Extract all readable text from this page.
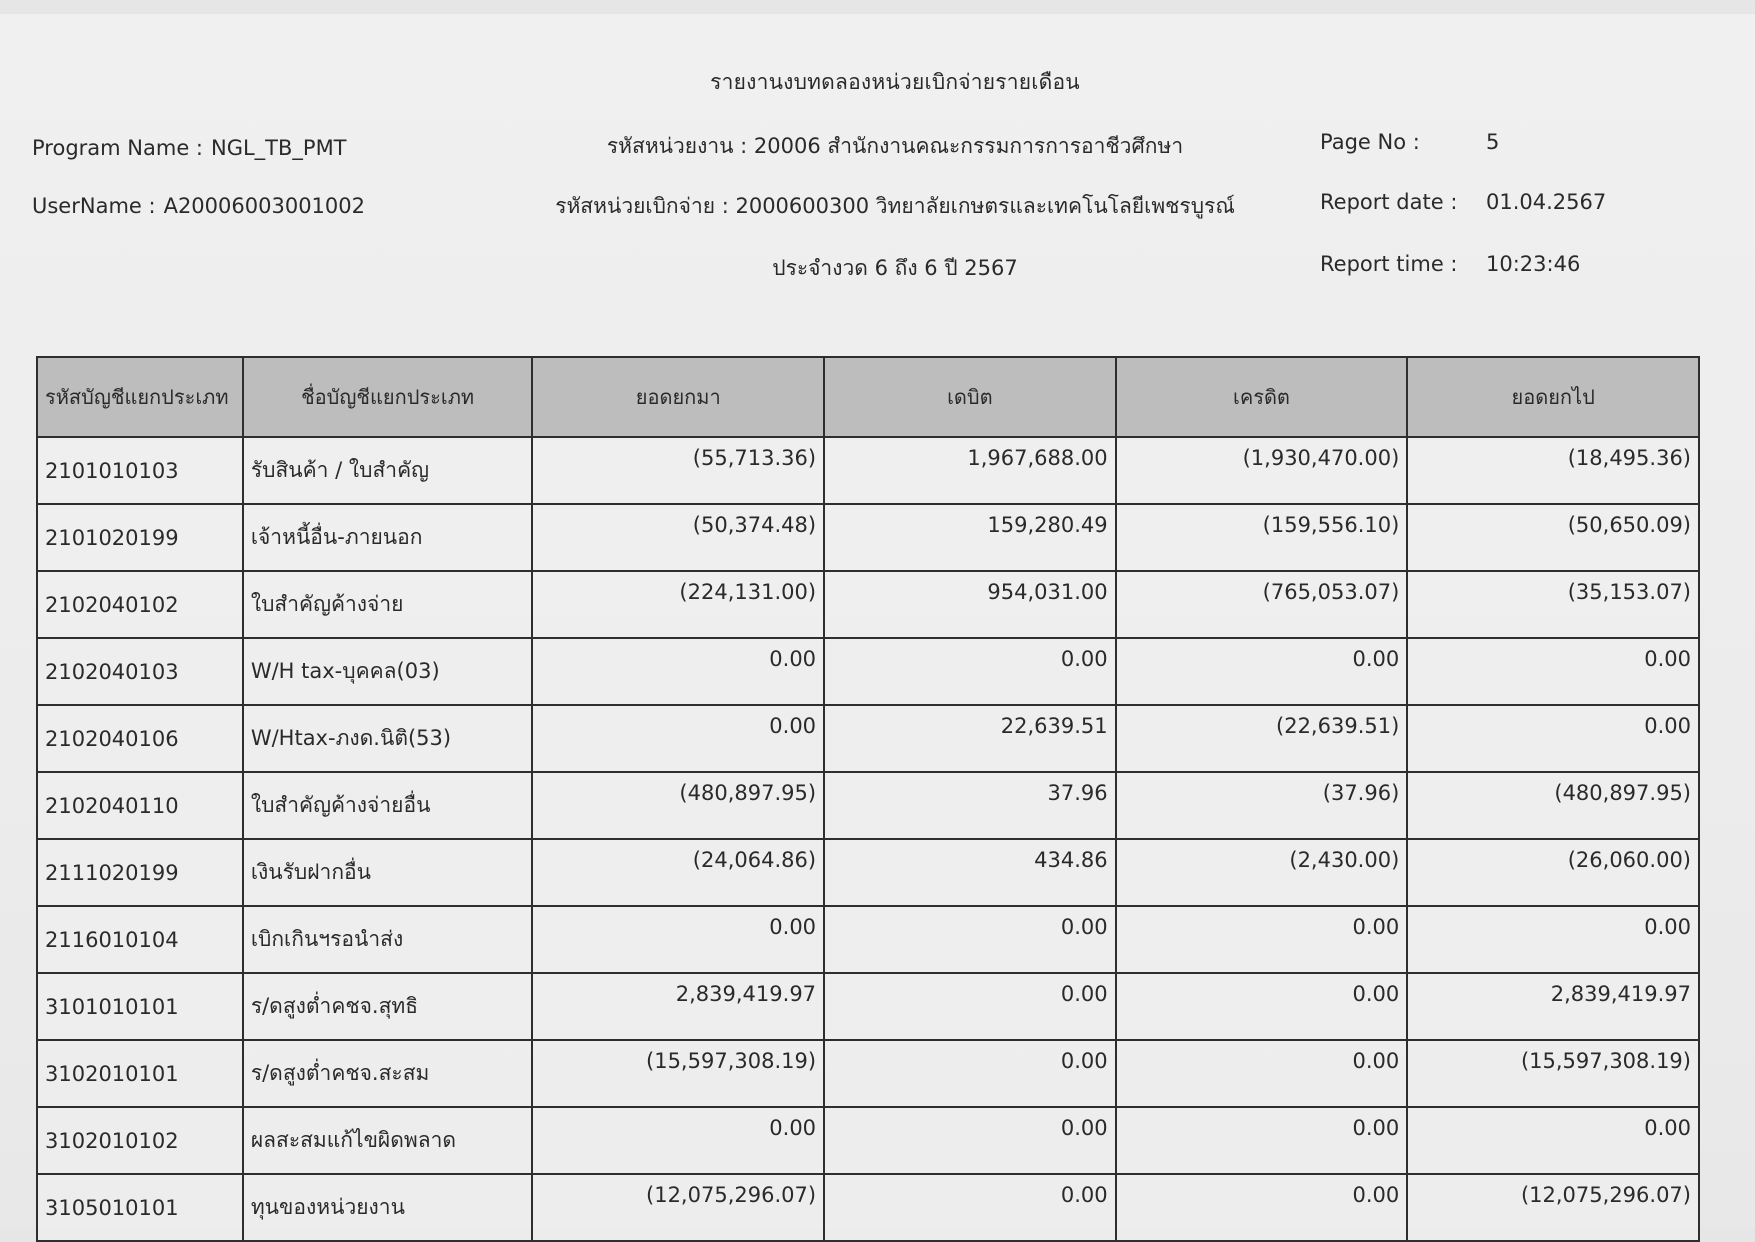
รายงานงบทดลองหน่วยเบิกจ่ายรายเดือน
Program Name : NGL_TB_PMT
UserName : A20006003001002
รหัสหน่วยงาน : 20006 สำนักงานคณะกรรมการการอาชีวศึกษา
รหัสหน่วยเบิกจ่าย : 2000600300 วิทยาลัยเกษตรและเทคโนโลยีเพชรบูรณ์
ประจำงวด 6 ถึง 6 ปี 2567
Page No :	5
Report date : 01.04.2567
Report time : 10:23:46
รหัสบัญชีแยกประเภท	ชื่อบัญชีแยกประเภท	ยอดยกมา	เดบิต	เครดิต	ยอดยกไป
2101010103	รับสินค้า / ใบสำคัญ	(55,713.36)	1,967,688.00	(1,930,470.00)	(18,495.36)
2101020199	เจ้าหนี้อื่น-ภายนอก	(50,374.48)	159,280.49	(159,556.10)	(50,650.09)
2102040102	ใบสำคัญค้างจ่าย	(224,131.00)	954,031.00	(765,053.07)	(35,153.07)
2102040103	W/H tax-บุคคล(03)	0.00	0.00	0.00	0.00
2102040106	W/Htax-ภงด.นิติ(53)	0.00	22,639.51	(22,639.51)	0.00
2102040110	ใบสำคัญค้างจ่ายอื่น	(480,897.95)	37.96	(37.96)	(480,897.95)
2111020199	เงินรับฝากอื่น	(24,064.86)	434.86	(2,430.00)	(26,060.00)
2116010104	เบิกเกินฯรอนำส่ง	0.00	0.00	0.00	0.00
3101010101	ร/ดสูงต่ำคชจ.สุทธิ	2,839,419.97	0.00	0.00	2,839,419.97
3102010101	ร/ดสูงต่ำคชจ.สะสม	(15,597,308.19)	0.00	0.00	(15,597,308.19)
3102010102	ผลสะสมแก้ไขผิดพลาด	0.00	0.00	0.00	0.00
3105010101	ทุนของหน่วยงาน	(12,075,296.07)	0.00	0.00	(12,075,296.07)
